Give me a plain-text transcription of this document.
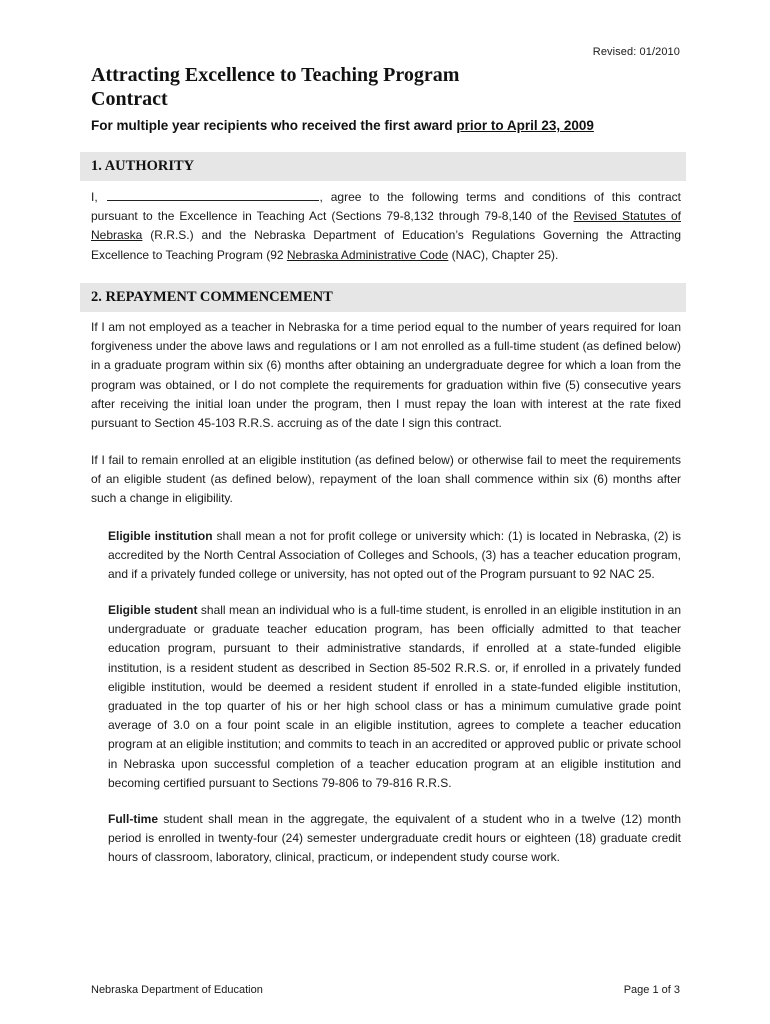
Revised: 01/2010
Attracting Excellence to Teaching Program
Contract
For multiple year recipients who received the first award prior to April 23, 2009
1. AUTHORITY
I,	, agree to the following terms and conditions of this contract pursuant to the Excellence in Teaching Act (Sections 79-8,132 through 79-8,140 of the Revised Statutes of Nebraska (R.R.S.) and the Nebraska Department of Education’s Regulations Governing the Attracting Excellence to Teaching Program (92 Nebraska Administrative Code (NAC), Chapter 25).
2. REPAYMENT COMMENCEMENT
If I am not employed as a teacher in Nebraska for a time period equal to the number of years required for loan forgiveness under the above laws and regulations or I am not enrolled as a full-time student (as defined below) in a graduate program within six (6) months after obtaining an undergraduate degree for which a loan from the program was obtained, or I do not complete the requirements for graduation within five (5) consecutive years after receiving the initial loan under the program, then I must repay the loan with interest at the rate fixed pursuant to Section 45-103 R.R.S. accruing as of the date I sign this contract.
If I fail to remain enrolled at an eligible institution (as defined below) or otherwise fail to meet the requirements of an eligible student (as defined below), repayment of the loan shall commence within six (6) months after such a change in eligibility.
Eligible institution shall mean a not for profit college or university which: (1) is located in Nebraska, (2) is accredited by the North Central Association of Colleges and Schools, (3) has a teacher education program, and if a privately funded college or university, has not opted out of the Program pursuant to 92 NAC 25.
Eligible student shall mean an individual who is a full-time student, is enrolled in an eligible institution in an undergraduate or graduate teacher education program, has been officially admitted to that teacher education program, pursuant to their administrative standards, if enrolled at a state-funded eligible institution, is a resident student as described in Section 85-502 R.R.S. or, if enrolled in a privately funded eligible institution, would be deemed a resident student if enrolled in a state-funded eligible institution, graduated in the top quarter of his or her high school class or has a minimum cumulative grade point average of 3.0 on a four point scale in an eligible institution, agrees to complete a teacher education program at an eligible institution; and commits to teach in an accredited or approved public or private school in Nebraska upon successful completion of a teacher education program at an eligible institution and becoming certified pursuant to Sections 79-806 to 79-816 R.R.S.
Full-time student shall mean in the aggregate, the equivalent of a student who in a twelve (12) month period is enrolled in twenty-four (24) semester undergraduate credit hours or eighteen (18) graduate credit hours of classroom, laboratory, clinical, practicum, or independent study course work.
Nebraska Department of Education	Page 1 of 3
